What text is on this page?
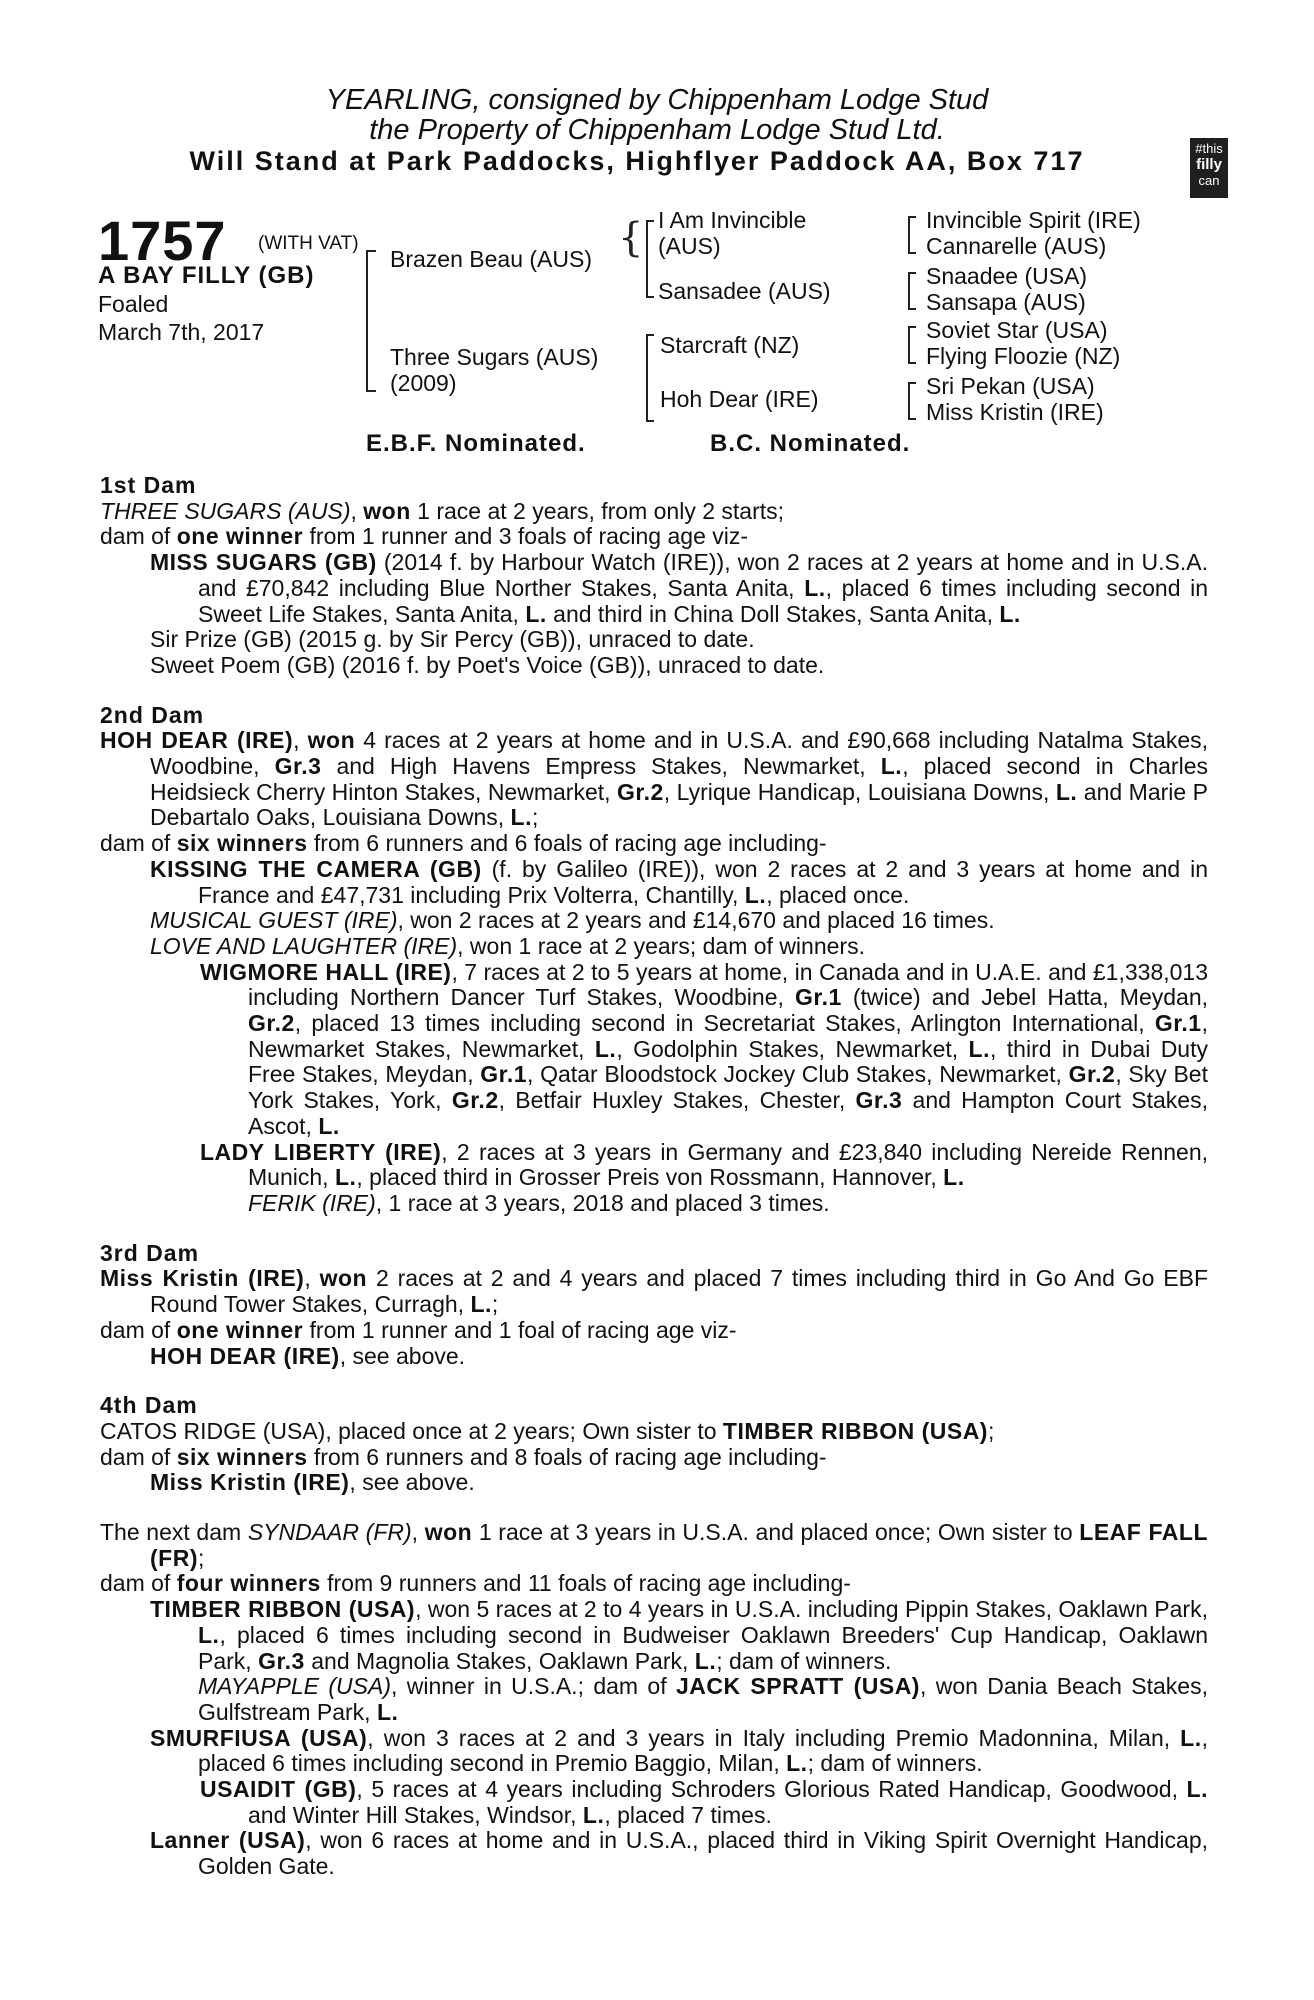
YEARLING, consigned by Chippenham Lodge Stud
the Property of Chippenham Lodge Stud Ltd.
Will Stand at Park Paddocks, Highflyer Paddock AA, Box 717	#this
filly
can
1757 (WITH VAT)
A BAY FILLY (GB)
Foaled
March 7th, 2017
Brazen Beau (AUS)
Three Sugars (AUS)
(2009)
{ I Am Invincible
(AUS)
Sansadee (AUS)
Starcraft (NZ)
Hoh Dear (IRE)
Invincible Spirit (IRE)
Cannarelle (AUS)
Snaadee (USA)
Sansapa (AUS)
Soviet Star (USA)
Flying Floozie (NZ)
Sri Pekan (USA)
Miss Kristin (IRE)
E.B.F. Nominated.	B.C. Nominated.
1st Dam
THREE SUGARS (AUS), won 1 race at 2 years, from only 2 starts;
dam of one winner from 1 runner and 3 foals of racing age viz-
MISS SUGARS (GB) (2014 f. by Harbour Watch (IRE)), won 2 races at 2 years at home and in U.S.A. and £70,842 including Blue Norther Stakes, Santa Anita, L., placed 6 times including second in Sweet Life Stakes, Santa Anita, L. and third in China Doll Stakes, Santa Anita, L.
Sir Prize (GB) (2015 g. by Sir Percy (GB)), unraced to date.
Sweet Poem (GB) (2016 f. by Poet's Voice (GB)), unraced to date.
2nd Dam
HOH DEAR (IRE), won 4 races at 2 years at home and in U.S.A. and £90,668 including Natalma Stakes, Woodbine, Gr.3 and High Havens Empress Stakes, Newmarket, L., placed second in Charles Heidsieck Cherry Hinton Stakes, Newmarket, Gr.2, Lyrique Handicap, Louisiana Downs, L. and Marie P Debartalo Oaks, Louisiana Downs, L.;
dam of six winners from 6 runners and 6 foals of racing age including-
KISSING THE CAMERA (GB) (f. by Galileo (IRE)), won 2 races at 2 and 3 years at home and in France and £47,731 including Prix Volterra, Chantilly, L., placed once.
MUSICAL GUEST (IRE), won 2 races at 2 years and £14,670 and placed 16 times.
LOVE AND LAUGHTER (IRE), won 1 race at 2 years; dam of winners.
WIGMORE HALL (IRE), 7 races at 2 to 5 years at home, in Canada and in U.A.E. and £1,338,013 including Northern Dancer Turf Stakes, Woodbine, Gr.1 (twice) and Jebel Hatta, Meydan, Gr.2, placed 13 times including second in Secretariat Stakes, Arlington International, Gr.1, Newmarket Stakes, Newmarket, L., Godolphin Stakes, Newmarket, L., third in Dubai Duty Free Stakes, Meydan, Gr.1, Qatar Bloodstock Jockey Club Stakes, Newmarket, Gr.2, Sky Bet York Stakes, York, Gr.2, Betfair Huxley Stakes, Chester, Gr.3 and Hampton Court Stakes, Ascot, L.
LADY LIBERTY (IRE), 2 races at 3 years in Germany and £23,840 including Nereide Rennen, Munich, L., placed third in Grosser Preis von Rossmann, Hannover, L.
FERIK (IRE), 1 race at 3 years, 2018 and placed 3 times.
3rd Dam
Miss Kristin (IRE), won 2 races at 2 and 4 years and placed 7 times including third in Go And Go EBF Round Tower Stakes, Curragh, L.;
dam of one winner from 1 runner and 1 foal of racing age viz-
HOH DEAR (IRE), see above.
4th Dam
CATOS RIDGE (USA), placed once at 2 years; Own sister to TIMBER RIBBON (USA);
dam of six winners from 6 runners and 8 foals of racing age including-
Miss Kristin (IRE), see above.
The next dam SYNDAAR (FR), won 1 race at 3 years in U.S.A. and placed once; Own sister to LEAF FALL (FR);
dam of four winners from 9 runners and 11 foals of racing age including-
TIMBER RIBBON (USA), won 5 races at 2 to 4 years in U.S.A. including Pippin Stakes, Oaklawn Park, L., placed 6 times including second in Budweiser Oaklawn Breeders' Cup Handicap, Oaklawn Park, Gr.3 and Magnolia Stakes, Oaklawn Park, L.; dam of winners.
MAYAPPLE (USA), winner in U.S.A.; dam of JACK SPRATT (USA), won Dania Beach Stakes, Gulfstream Park, L.
SMURFIUSA (USA), won 3 races at 2 and 3 years in Italy including Premio Madonnina, Milan, L., placed 6 times including second in Premio Baggio, Milan, L.; dam of winners.
USAIDIT (GB), 5 races at 4 years including Schroders Glorious Rated Handicap, Goodwood, L. and Winter Hill Stakes, Windsor, L., placed 7 times.
Lanner (USA), won 6 races at home and in U.S.A., placed third in Viking Spirit Overnight Handicap, Golden Gate.
